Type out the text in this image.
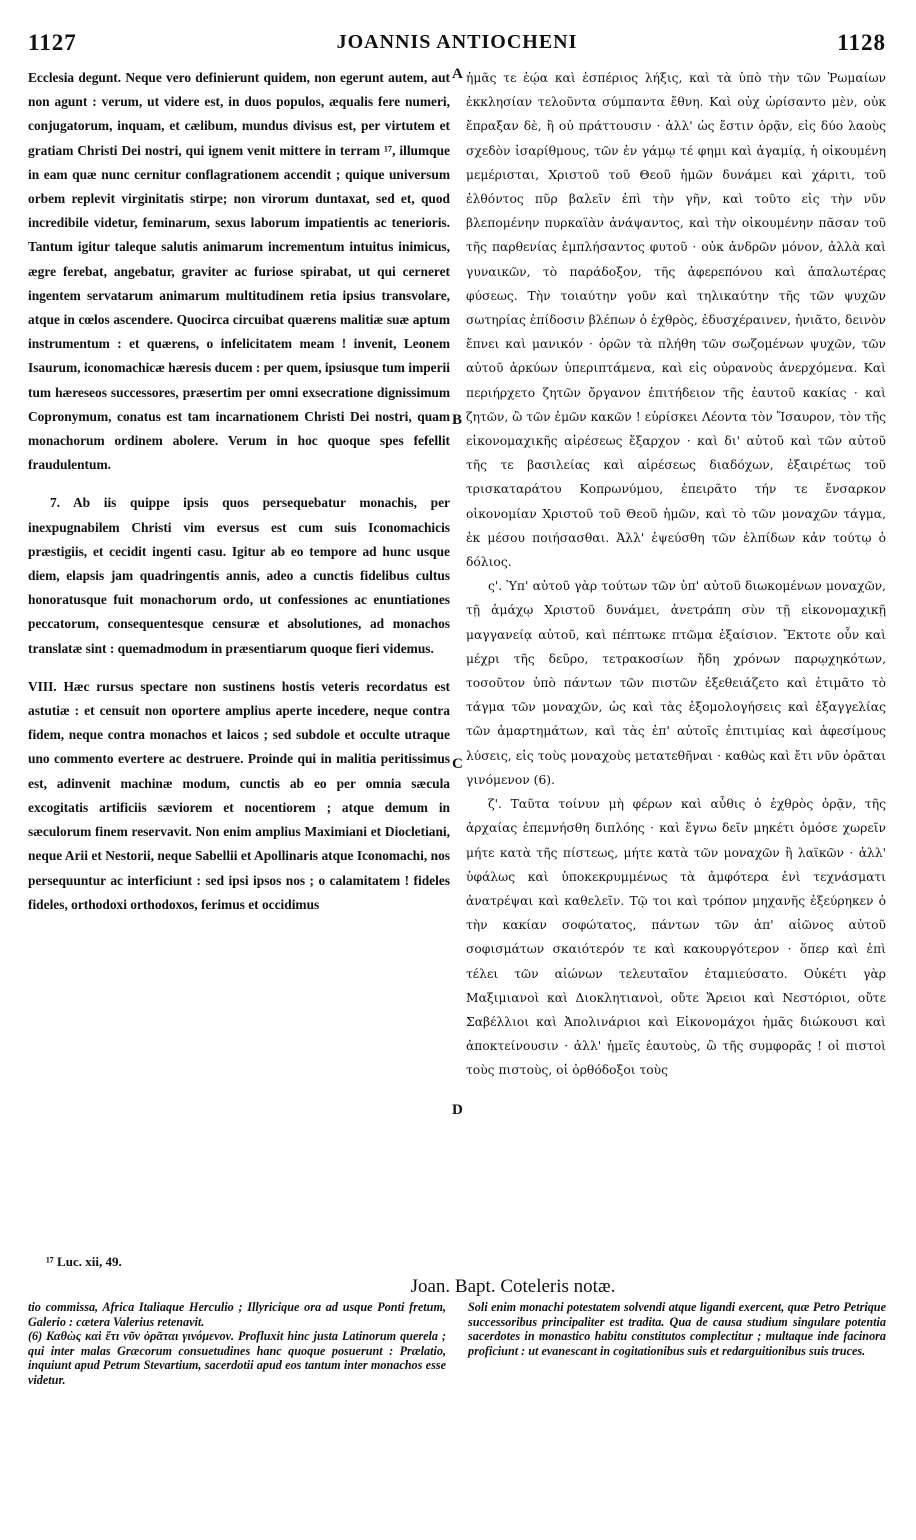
1127	JOANNIS ANTIOCHENI	1128

Ecclesia degunt. Neque vero definierunt quidem, non egerunt autem, aut non agunt : verum, ut videre est, in duos populos, æqualis fere numeri, conjugatorum, inquam, et cælibum, mundus divisus est, per virtutem et gratiam Christi Dei nostri, qui ignem venit mittere in terram ¹⁷, illumque in eam quæ nunc cernitur conflagrationem accendit ; quique universum orbem replevit virginitatis stirpe; non virorum duntaxat, sed et, quod incredibile videtur, feminarum, sexus laborum impatientis ac tenerioris. Tantum igitur taleque salutis animarum incrementum intuitus inimicus, ægre ferebat, angebatur, graviter ac furiose spirabat, ut qui cerneret ingentem servatarum animarum multitudinem retia ipsius transvolare, atque in cœlos ascendere. Quocirca circuibat quærens malitiæ suæ aptum instrumentum : et quærens, o infelicitatem meam ! invenit, Leonem Isaurum, iconomachicæ hæresis ducem : per quem, ipsiusque tum imperii tum hæreseos successores, præsertim per omni exsecratione dignissimum Copronymum, conatus est tam incarnationem Christi Dei nostri, quam monachorum ordinem abolere. Verum in hoc quoque spes fefellit fraudulentum.

7. Ab iis quippe ipsis quos persequebatur monachis, per inexpugnabilem Christi vim eversus est cum suis Iconomachicis præstigiis, et cecidit ingenti casu. Igitur ab eo tempore ad hunc usque diem, elapsis jam quadringentis annis, adeo a cunctis fidelibus cultus honoratusque fuit monachorum ordo, ut confessiones ac enuntiationes peccatorum, consequentesque censuræ et absolutiones, ad monachos translatæ sint : quemadmodum in præsentiarum quoque fieri videmus.

VIII. Hæc rursus spectare non sustinens hostis veteris recordatus est astutiæ : et censuit non oportere amplius aperte incedere, neque contra fidem, neque contra monachos et laicos ; sed subdole et occulte utraque uno commento evertere ac destruere. Proinde qui in malitia peritissimus est, adinvenit machinæ modum, cunctis ab eo per omnia sæcula excogitatis artificiis sæviorem et nocentiorem ; atque demum in sæculorum finem reservavit. Non enim amplius Maximiani et Diocletiani, neque Arii et Nestorii, neque Sabellii et Apollinaris atque Iconomachi, nos persequuntur ac interficiunt : sed ipsi ipsos nos ; o calamitatem ! fideles fideles, orthodoxi orthodoxos, ferimus et occidimus

A
B
C
D

ἡμᾶς τε ἑῴα καὶ ἑσπέριος λήξις, καὶ τὰ ὑπὸ τὴν τῶν Ῥωμαίων ἐκκλησίαν τελοῦντα σύμπαντα ἔθνη. Καὶ οὐχ ὡρίσαντο μὲν, οὐκ ἔπραξαν δὲ, ἢ οὐ πράττουσιν · ἀλλ' ὡς ἔστιν ὁρᾷν, εἰς δύο λαοὺς σχεδὸν ἰσαρίθμους, τῶν ἐν γάμῳ τέ φημι καὶ ἀγαμίᾳ, ἡ οἰκουμένη μεμέρισται, Χριστοῦ τοῦ Θεοῦ ἡμῶν δυνάμει καὶ χάριτι, τοῦ ἐλθόντος πῦρ βαλεῖν ἐπὶ τὴν γῆν, καὶ τοῦτο εἰς τὴν νῦν βλεπομένην πυρκαϊὰν ἀνάψαντος, καὶ τὴν οἰκουμένην πᾶσαν τοῦ τῆς παρθενίας ἐμπλήσαντος φυτοῦ · οὐκ ἀνδρῶν μόνον, ἀλλὰ καὶ γυναικῶν, τὸ παράδοξον, τῆς ἀφερεπόνου καὶ ἁπαλωτέρας φύσεως. Τὴν τοιαύτην γοῦν καὶ τηλικαύτην τῆς τῶν ψυχῶν σωτηρίας ἐπίδοσιν βλέπων ὁ ἐχθρὸς, ἐδυσχέραινεν, ἠνιᾶτο, δεινὸν ἔπνει καὶ μανικόν · ὁρῶν τὰ πλήθη τῶν σωζομένων ψυχῶν, τῶν αὐτοῦ ἀρκύων ὑπεριπτάμενα, καὶ εἰς οὐρανοὺς ἀνερχόμενα. Καὶ περιήρχετο ζητῶν ὄργανον ἐπιτήδειον τῆς ἑαυτοῦ κακίας · καὶ ζητῶν, ὢ τῶν ἐμῶν κακῶν ! εὑρίσκει Λέοντα τὸν Ἴσαυρον, τὸν τῆς εἰκονομαχικῆς αἱρέσεως ἔξαρχον · καὶ δι' αὐτοῦ καὶ τῶν αὐτοῦ τῆς τε βασιλείας καὶ αἱρέσεως διαδόχων, ἐξαιρέτως τοῦ τρισκαταράτου Κοπρωνύμου, ἐπειρᾶτο τήν τε ἔνσαρκον οἰκονομίαν Χριστοῦ τοῦ Θεοῦ ἡμῶν, καὶ τὸ τῶν μοναχῶν τάγμα, ἐκ μέσου ποιήσασθαι. Ἀλλ' ἐψεύσθη τῶν ἐλπίδων κἀν τούτῳ ὁ δόλιος.

ς'. Ὑπ' αὐτοῦ γὰρ τούτων τῶν ὑπ' αὐτοῦ διωκομένων μοναχῶν, τῇ ἀμάχῳ Χριστοῦ δυνάμει, ἀνετράπη σὺν τῇ εἰκονομαχικῇ μαγγανείᾳ αὐτοῦ, καὶ πέπτωκε πτῶμα ἐξαίσιον. Ἔκτοτε οὖν καὶ μέχρι τῆς δεῦρο, τετρακοσίων ἤδη χρόνων παρῳχηκότων, τοσοῦτον ὑπὸ πάντων τῶν πιστῶν ἐξεθειάζετο καὶ ἐτιμᾶτο τὸ τάγμα τῶν μοναχῶν, ὡς καὶ τὰς ἐξομολογήσεις καὶ ἐξαγγελίας τῶν ἁμαρτημάτων, καὶ τὰς ἐπ' αὐτοῖς ἐπιτιμίας καὶ ἀφεσίμους λύσεις, εἰς τοὺς μοναχοὺς μετατεθῆναι · καθὼς καὶ ἔτι νῦν ὁρᾶται γινόμενον (6).

ζ'. Ταῦτα τοίνυν μὴ φέρων καὶ αὖθις ὁ ἐχθρὸς ὁρᾷν, τῆς ἀρχαίας ἐπεμνήσθη διπλόης · καὶ ἔγνω δεῖν μηκέτι ὁμόσε χωρεῖν μήτε κατὰ τῆς πίστεως, μήτε κατὰ τῶν μοναχῶν ἢ λαϊκῶν · ἀλλ' ὑφάλως καὶ ὑποκεκρυμμένως τὰ ἀμφότερα ἑνὶ τεχνάσματι ἀνατρέψαι καὶ καθελεῖν. Τῷ τοι καὶ τρόπον μηχανῆς ἐξεύρηκεν ὁ τὴν κακίαν σοφώτατος, πάντων τῶν ἀπ' αἰῶνος αὐτοῦ σοφισμάτων σκαιότερόν τε καὶ κακουργότερον · ὅπερ καὶ ἐπὶ τέλει τῶν αἰώνων τελευταῖον ἐταμιεύσατο. Οὐκέτι γὰρ Μαξιμιανοὶ καὶ Διοκλητιανοὶ, οὔτε Ἄρειοι καὶ Νεστόριοι, οὔτε Σαβέλλιοι καὶ Ἀπολινάριοι καὶ Εἰκονομάχοι ἡμᾶς διώκουσι καὶ ἀποκτείνουσιν · ἀλλ' ἡμεῖς ἑαυτοὺς, ὢ τῆς συμφορᾶς ! οἱ πιστοὶ τοὺς πιστοὺς, οἱ ὀρθόδοξοι τοὺς

¹⁷ Luc. xii, 49.
Joan. Bapt. Coteleris notæ.

tio commissa, Africa Italiaque Herculio ; Illyricique ora ad usque Ponti fretum, Galerio : cætera Valerius retenavit.

(6) Καθὼς καὶ ἔτι νῦν ὁρᾶται γινόμενον. Profluxit hinc justa Latinorum querela ; qui inter malas Græcorum consuetudines hanc quoque posuerunt : Prælatio, inquiunt apud Petrum Stevartium, sacerdotii apud eos tantum inter monachos esse videtur.

Soli enim monachi potestatem solvendi atque ligandi exercent, quæ Petro Petrique successoribus principaliter est tradita. Qua de causa studium singulare potentia sacerdotes in monastico habitu constitutos complectitur ; multaque inde facinora proficiunt : ut evanescant in cogitationibus suis et redarguitionibus suis truces.
